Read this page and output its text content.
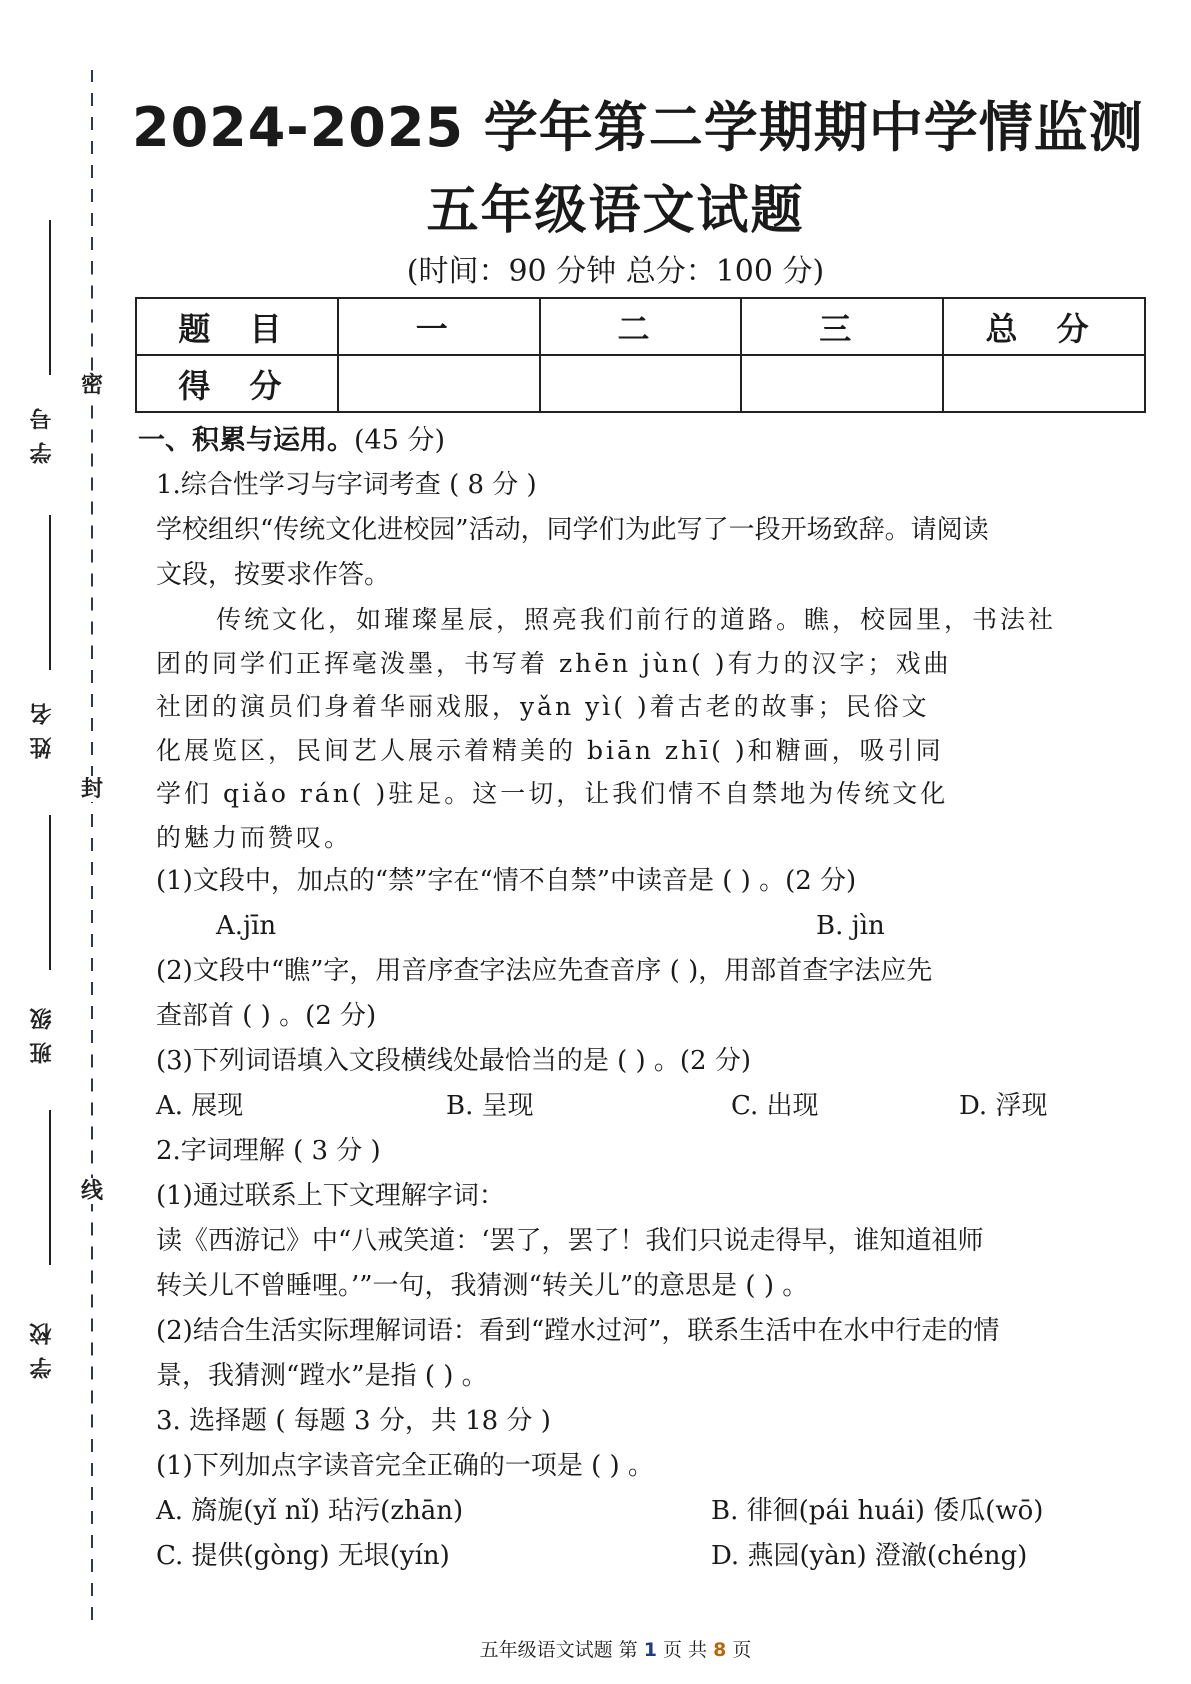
密
封
线
学号
姓名
班级
学校
2024-2025 学年第二学期期中学情监测
五年级语文试题
(时间：90 分钟 总分：100 分)
题 目	一	二	三	总 分
得 分				
一、积累与运用。(45 分)
1.综合性学习与字词考查 ( 8 分 )
学校组织“传统文化进校园”活动，同学们为此写了一段开场致辞。请阅读
文段，按要求作答。
传统文化，如璀璨星辰，照亮我们前行的道路。瞧，校园里，书法社
团的同学们正挥毫泼墨，书写着 zhēn jùn( )有力的汉字；戏曲
社团的演员们身着华丽戏服，yǎn yì( )着古老的故事；民俗文
化展览区，民间艺人展示着精美的 biān zhī( )和糖画，吸引同
学们 qiǎo rán( )驻足。这一切，让我们情不自禁地为传统文化
的魅力而赞叹。
(1)文段中，加点的“禁”字在“情不自禁”中读音是 ( ) 。(2 分)
A.jīn	B. jìn
(2)文段中“瞧”字，用音序查字法应先查音序 ( )，用部首查字法应先
查部首 ( ) 。(2 分)
(3)下列词语填入文段横线处最恰当的是 ( ) 。(2 分)
A. 展现	B. 呈现	C. 出现	D. 浮现
2.字词理解 ( 3 分 )
(1)通过联系上下文理解字词：
读《西游记》中“八戒笑道：‘罢了，罢了！我们只说走得早，谁知道祖师
转关儿不曾睡哩。’”一句，我猜测“转关儿”的意思是 ( ) 。
(2)结合生活实际理解词语：看到“蹚水过河”，联系生活中在水中行走的情
景，我猜测“蹚水”是指 ( ) 。
3. 选择题 ( 每题 3 分，共 18 分 )
(1)下列加点字读音完全正确的一项是 ( ) 。
A. 旖旎(yǐ nǐ) 玷污(zhān)	B. 徘徊(pái huái) 倭瓜(wō)
C. 提供(gòng) 无垠(yín)	D. 燕园(yàn) 澄澈(chéng)
五年级语文试题 第 1 页 共 8 页
